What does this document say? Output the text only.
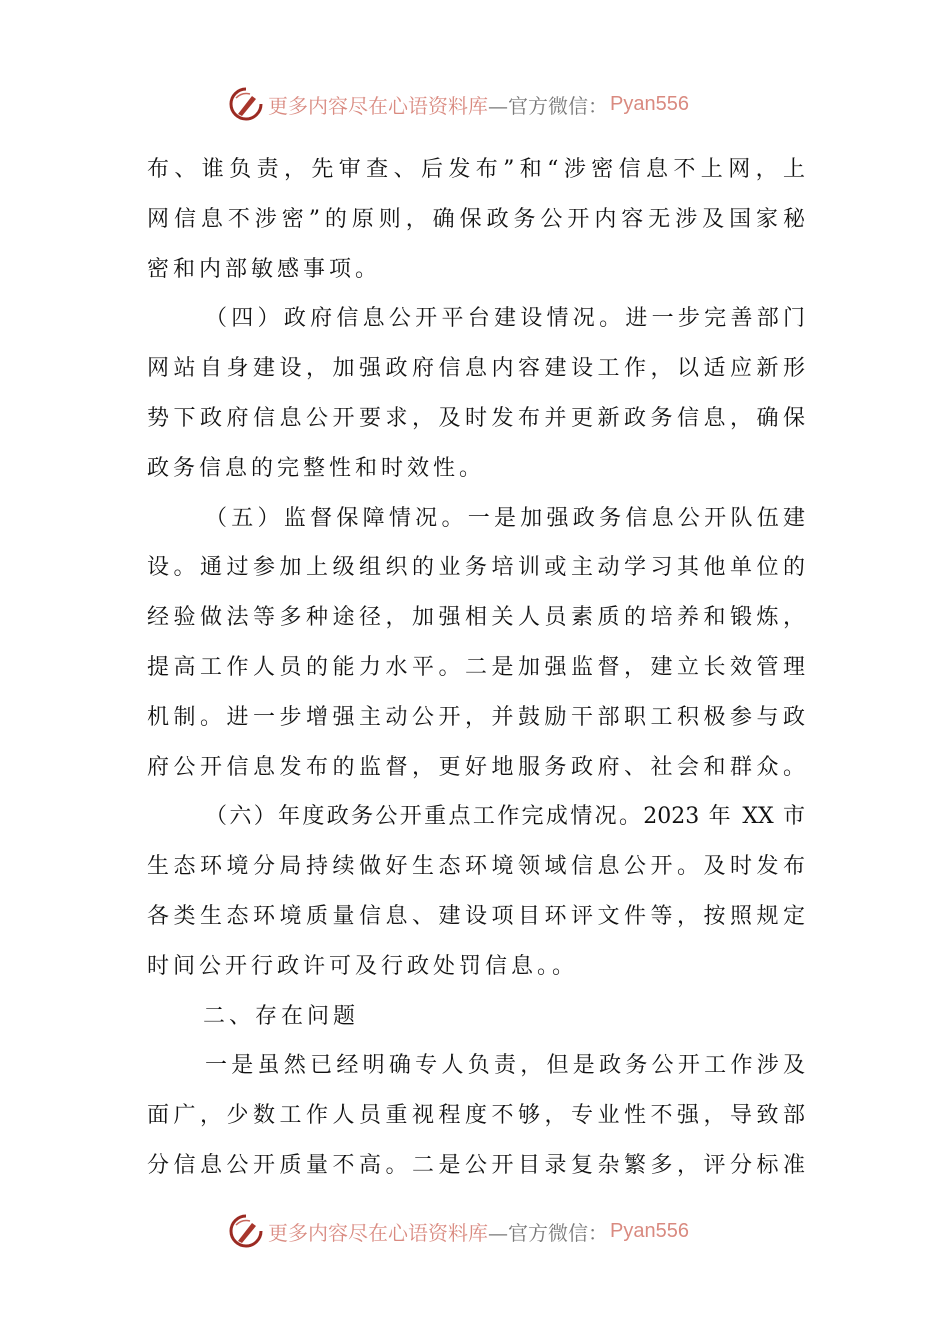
更多内容尽在心语资料库 —官方微信： Pyan556
布、谁负责，先审查、后发布”和“涉密信息不上网，上
网信息不涉密”的原则，确保政务公开内容无涉及国家秘
密和内部敏感事项。
（四）政府信息公开平台建设情况。进一步完善部门
网站自身建设，加强政府信息内容建设工作，以适应新形
势下政府信息公开要求，及时发布并更新政务信息，确保
政务信息的完整性和时效性。
（五）监督保障情况。一是加强政务信息公开队伍建
设。通过参加上级组织的业务培训或主动学习其他单位的
经验做法等多种途径，加强相关人员素质的培养和锻炼，
提高工作人员的能力水平。二是加强监督，建立长效管理
机制。进一步增强主动公开，并鼓励干部职工积极参与政
府公开信息发布的监督，更好地服务政府、社会和群众。
（六）年度政务公开重点工作完成情况。2023 年 XX 市
生态环境分局持续做好生态环境领域信息公开。及时发布
各类生态环境质量信息、建设项目环评文件等，按照规定
时间公开行政许可及行政处罚信息。。
二、存在问题
一是虽然已经明确专人负责，但是政务公开工作涉及
面广，少数工作人员重视程度不够，专业性不强，导致部
分信息公开质量不高。二是公开目录复杂繁多，评分标准
更多内容尽在心语资料库 —官方微信： Pyan556
